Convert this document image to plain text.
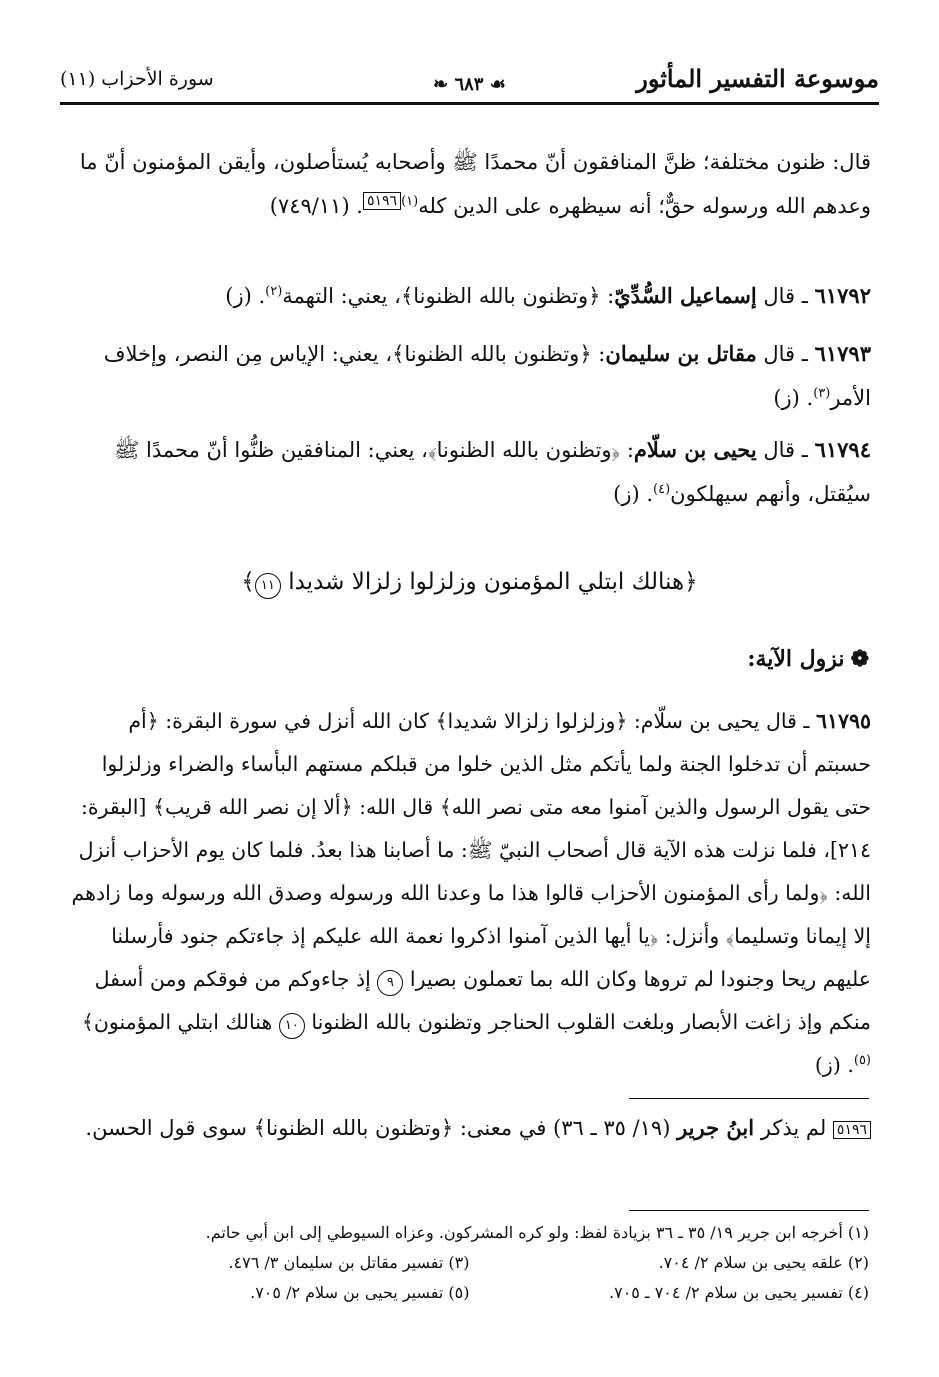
موسوعة التفسير المأثور
❧ ٦٨٣ ☙
سورة الأحزاب (١١)
قال: ظنون مختلفة؛ ظنَّ المنافقون أنّ محمدًا ﷺ وأصحابه يُستأصلون، وأيقن المؤمنون أنّ ما وعدهم الله ورسوله حقٌّ؛ أنه سيظهره على الدين كله$^{(١)}$٥١٩٦. (٧٤٩/١١)
٦١٧٩٢ ـ قال إسماعيل السُّدِّيّ: ﴿وتظنون بالله الظنونا﴾، يعني: التهمة$^{(٢)}$. (ز)
٦١٧٩٣ ـ قال مقاتل بن سليمان: ﴿وتظنون بالله الظنونا﴾، يعني: الإياس مِن النصر، وإخلاف الأمر$^{(٣)}$. (ز)
٦١٧٩٤ ـ قال يحيى بن سلّام: ﴿وتظنون بالله الظنونا﴾، يعني: المنافقين ظنُّوا أنّ محمدًا ﷺ سيُقتل، وأنهم سيهلكون$^{(٤)}$. (ز)
﴿هنالك ابتلي المؤمنون وزلزلوا زلزالا شديدا ١١﴾
❁نزول الآية:
٦١٧٩٥ ـ قال يحيى بن سلّام: ﴿وزلزلوا زلزالا شديدا﴾ كان الله أنزل في سورة البقرة: ﴿أم حسبتم أن تدخلوا الجنة ولما يأتكم مثل الذين خلوا من قبلكم مستهم البأساء والضراء وزلزلوا حتى يقول الرسول والذين آمنوا معه متى نصر الله﴾ قال الله: ﴿ألا إن نصر الله قريب﴾ [البقرة: ٢١٤]، فلما نزلت هذه الآية قال أصحاب النبيّ ﷺ: ما أصابنا هذا بعدُ. فلما كان يوم الأحزاب أنزل الله: ﴿ولما رأى المؤمنون الأحزاب قالوا هذا ما وعدنا الله ورسوله وصدق الله ورسوله وما زادهم إلا إيمانا وتسليما﴾ وأنزل: ﴿يا أيها الذين آمنوا اذكروا نعمة الله عليكم إذ جاءتكم جنود فأرسلنا عليهم ريحا وجنودا لم تروها وكان الله بما تعملون بصيرا ٩ إذ جاءوكم من فوقكم ومن أسفل منكم وإذ زاغت الأبصار وبلغت القلوب الحناجر وتظنون بالله الظنونا ١٠ هنالك ابتلي المؤمنون﴾$^{(٥)}$. (ز)
٥١٩٦ لم يذكر ابنُ جرير (١٩/ ٣٥ ـ ٣٦) في معنى: ﴿وتظنون بالله الظنونا﴾ سوى قول الحسن.
(١) أخرجه ابن جرير ١٩/ ٣٥ ـ ٣٦ بزيادة لفظ: ولو كره المشركون. وعزاه السيوطي إلى ابن أبي حاتم.
(٢) علقه يحيى بن سلام ٢/ ٧٠٤.
(٣) تفسير مقاتل بن سليمان ٣/ ٤٧٦.
(٤) تفسير يحيى بن سلام ٢/ ٧٠٤ ـ ٧٠٥.
(٥) تفسير يحيى بن سلام ٢/ ٧٠٥.
